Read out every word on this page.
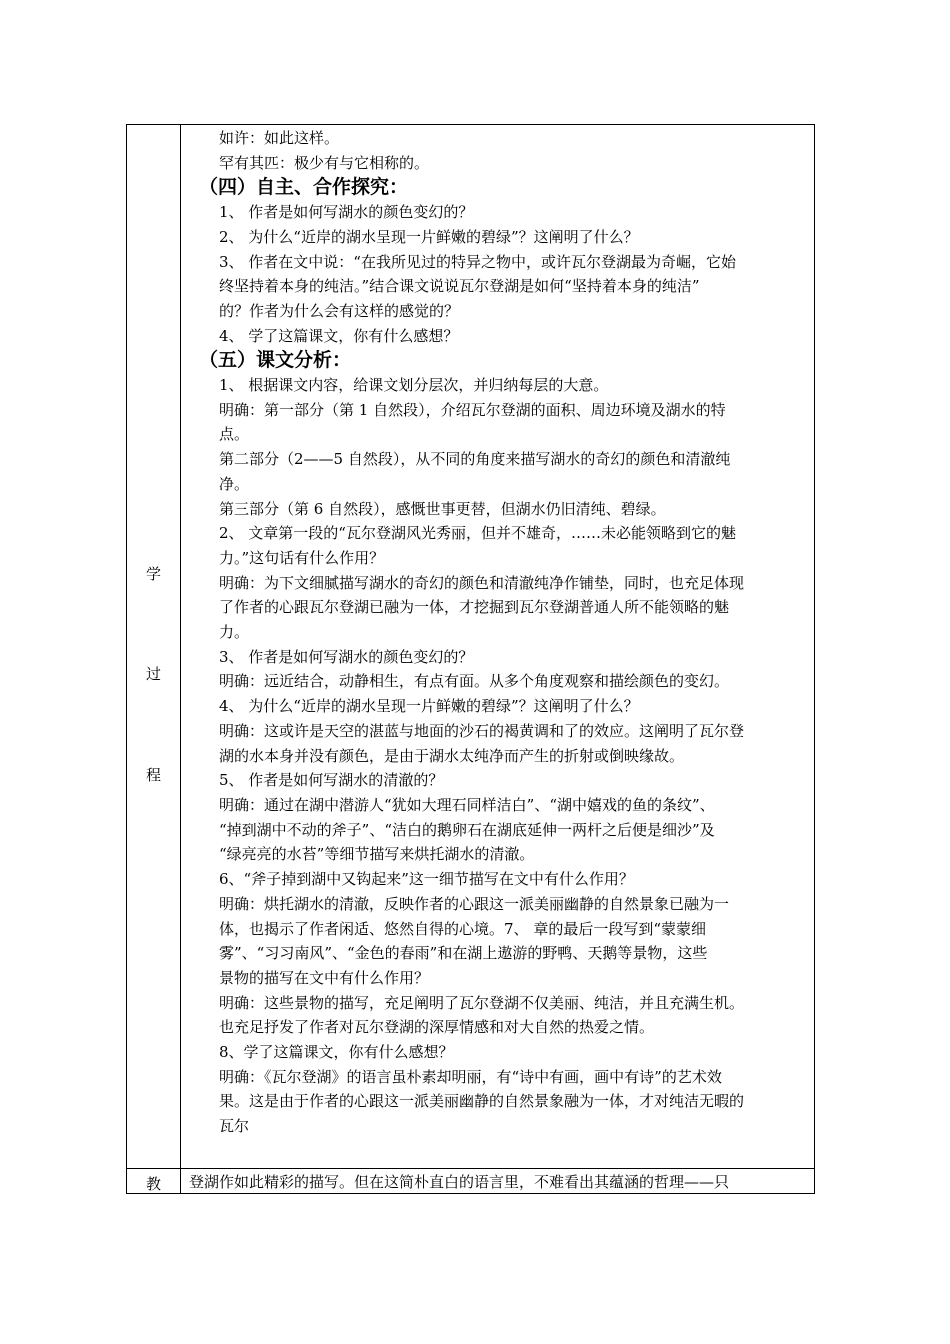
学
过
程
教

如许：如此这样。

罕有其匹：极少有与它相称的。

（四）自主、合作探究：

1、 作者是如何写湖水的颜色变幻的？

2、 为什么“近岸的湖水呈现一片鲜嫩的碧绿”？这阐明了什么？

3、 作者在文中说：“在我所见过的特异之物中，或许瓦尔登湖最为奇崛，它始

终坚持着本身的纯洁。”结合课文说说瓦尔登湖是如何“坚持着本身的纯洁”

的？作者为什么会有这样的感觉的？

4、 学了这篇课文，你有什么感想？

（五）课文分析：

1、 根据课文内容，给课文划分层次，并归纳每层的大意。

明确：第一部分（第 1 自然段），介绍瓦尔登湖的面积、周边环境及湖水的特

点。

第二部分（2——5 自然段），从不同的角度来描写湖水的奇幻的颜色和清澈纯

净。

第三部分（第 6 自然段），感慨世事更替，但湖水仍旧清纯、碧绿。

2、 文章第一段的“瓦尔登湖风光秀丽，但并不雄奇，……未必能领略到它的魅

力。”这句话有什么作用？

明确：为下文细腻描写湖水的奇幻的颜色和清澈纯净作铺垫，同时，也充足体现

了作者的心跟瓦尔登湖已融为一体，才挖掘到瓦尔登湖普通人所不能领略的魅

力。

3、 作者是如何写湖水的颜色变幻的？

明确：远近结合，动静相生，有点有面。从多个角度观察和描绘颜色的变幻。

4、 为什么“近岸的湖水呈现一片鲜嫩的碧绿”？这阐明了什么？

明确：这或许是天空的湛蓝与地面的沙石的褐黄调和了的效应。这阐明了瓦尔登

湖的水本身并没有颜色，是由于湖水太纯净而产生的折射或倒映缘故。

5、 作者是如何写湖水的清澈的？

明确：通过在湖中潜游人“犹如大理石同样洁白”、“湖中嬉戏的鱼的条纹”、

“掉到湖中不动的斧子”、“洁白的鹅卵石在湖底延伸一两杆之后便是细沙”及

“绿亮亮的水苔”等细节描写来烘托湖水的清澈。

6、“斧子掉到湖中又钩起来”这一细节描写在文中有什么作用？

明确：烘托湖水的清澈，反映作者的心跟这一派美丽幽静的自然景象已融为一

体，也揭示了作者闲适、悠然自得的心境。7、 章的最后一段写到“蒙蒙细

雾”、“习习南风”、“金色的春雨”和在湖上遨游的野鸭、天鹅等景物，这些

景物的描写在文中有什么作用？

明确：这些景物的描写，充足阐明了瓦尔登湖不仅美丽、纯洁，并且充满生机。

也充足抒发了作者对瓦尔登湖的深厚情感和对大自然的热爱之情。

8、学了这篇课文，你有什么感想？

明确：《瓦尔登湖》的语言虽朴素却明丽，有“诗中有画，画中有诗”的艺术效

果。这是由于作者的心跟这一派美丽幽静的自然景象融为一体，才对纯洁无暇的

瓦尔

登湖作如此精彩的描写。但在这简朴直白的语言里，不难看出其蕴涵的哲理——只
